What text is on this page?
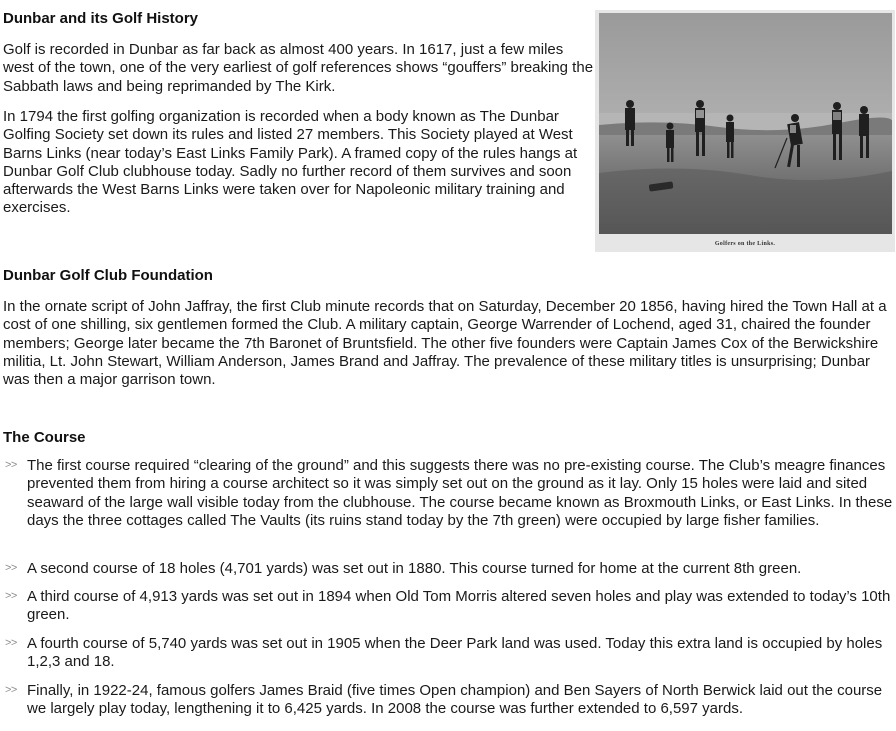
Dunbar and its Golf History

Golf is recorded in Dunbar as far back as almost 400 years. In 1617, just a few miles west of the town, one of the very earliest of golf references shows “gouffers” breaking the Sabbath laws and being reprimanded by The Kirk.

In 1794 the first golfing organization is recorded when a body known as The Dunbar Golfing Society set down its rules and listed 27 members. This Society played at West Barns Links (near today’s East Links Family Park). A framed copy of the rules hangs at Dunbar Golf Club clubhouse today. Sadly no further record of them survives and soon afterwards the West Barns Links were taken over for Napoleonic military training and exercises.

Golfers on the Links.
Dunbar Golf Club Foundation

In the ornate script of John Jaffray, the first Club minute records that on Saturday, December 20 1856, having hired the Town Hall at a cost of one shilling, six gentlemen formed the Club. A military captain, George Warrender of Lochend, aged 31, chaired the founder members; George later became the 7th Baronet of Bruntsfield. The other five founders were Captain James Cox of the Berwickshire militia, Lt. John Stewart, William Anderson, James Brand and Jaffray. The prevalence of these military titles is unsurprising; Dunbar was then a major garrison town.

The Course
>> The first course required “clearing of the ground” and this suggests there was no pre-existing course. The Club’s meagre finances prevented them from hiring a course architect so it was simply set out on the ground as it lay. Only 15 holes were laid and sited seaward of the large wall visible today from the clubhouse. The course became known as Broxmouth Links, or East Links. In these days the three cottages called The Vaults (its ruins stand today by the 7th green) were occupied by large fisher families.
>> A second course of 18 holes (4,701 yards) was set out in 1880. This course turned for home at the current 8th green.
>> A third course of 4,913 yards was set out in 1894 when Old Tom Morris altered seven holes and play was extended to today’s 10th green.
>> A fourth course of 5,740 yards was set out in 1905 when the Deer Park land was used. Today this extra land is occupied by holes 1,2,3 and 18.
>> Finally, in 1922-24, famous golfers James Braid (five times Open champion) and Ben Sayers of North Berwick laid out the course we largely play today, lengthening it to 6,425 yards. In 2008 the course was further extended to 6,597 yards.
